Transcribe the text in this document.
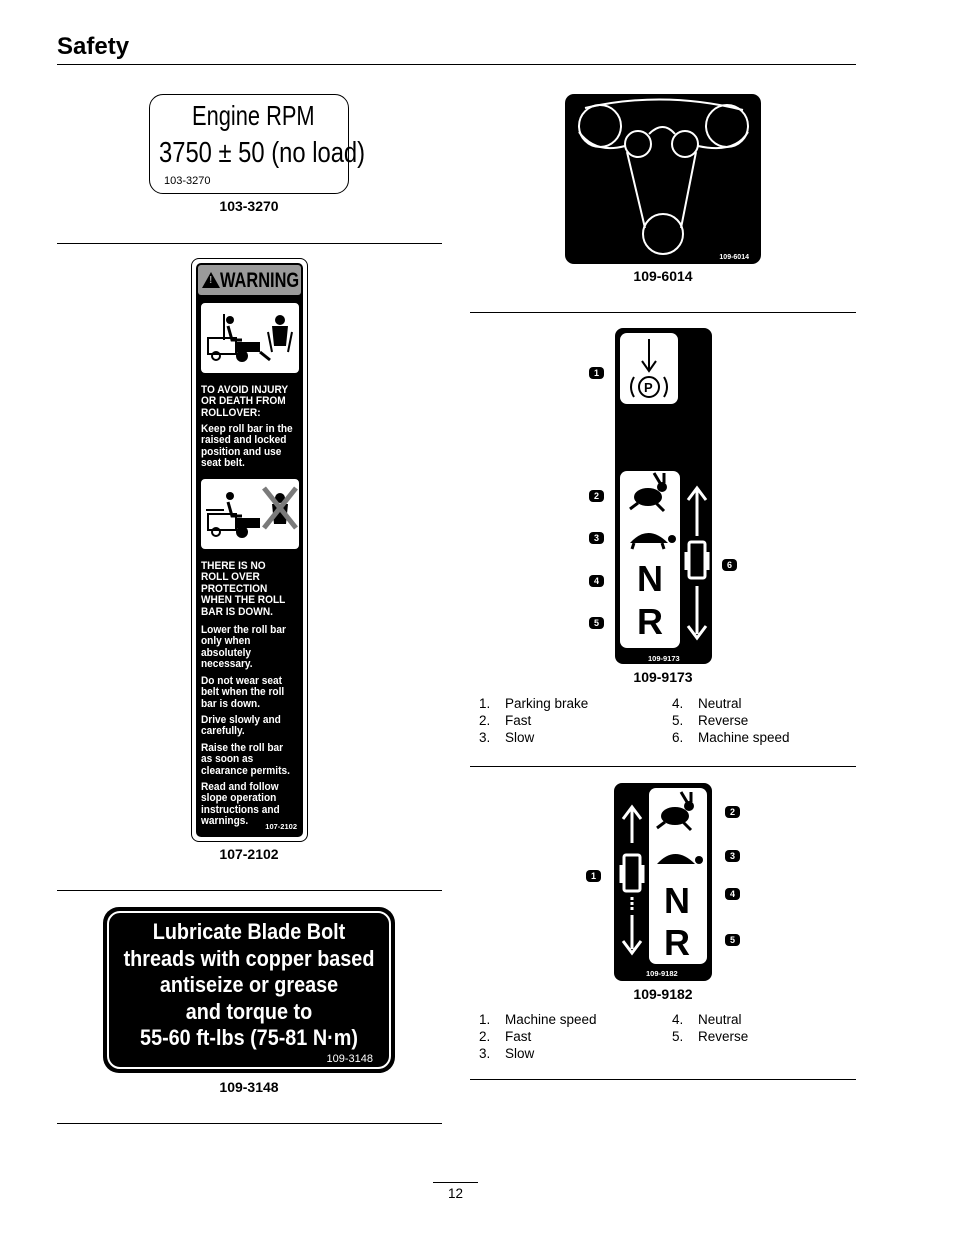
Safety
Engine RPM
3750 ± 50 (no load)
103-3270
103-3270
!
WARNING
TO AVOID INJURY OR DEATH FROM ROLLOVER:
Keep roll bar in the raised and locked position and use seat belt.
THERE IS NO ROLL OVER PROTECTION WHEN THE ROLL BAR IS DOWN.
Lower the roll bar only when absolutely necessary.
Do not wear seat belt when the roll bar is down.
Drive slowly and carefully.
Raise the roll bar as soon as clearance permits.
Read and follow slope operation instructions and warnings.	107-2102
107-2102
Lubricate Blade Bolt
threads with copper based
antiseize or grease
and torque to
55-60 ft-lbs (75-81 N·m)
109-3148
109-3148
109-6014
109-6014
P
N
R
109-9173
1
2
3
4
5
6
109-9173
1. Parking brake
2. Fast
3. Slow
4. Neutral
5. Reverse
6. Machine speed
N
R
109-9182
1
2
3
4
5
109-9182
1. Machine speed
2. Fast
3. Slow
4. Neutral
5. Reverse
12
